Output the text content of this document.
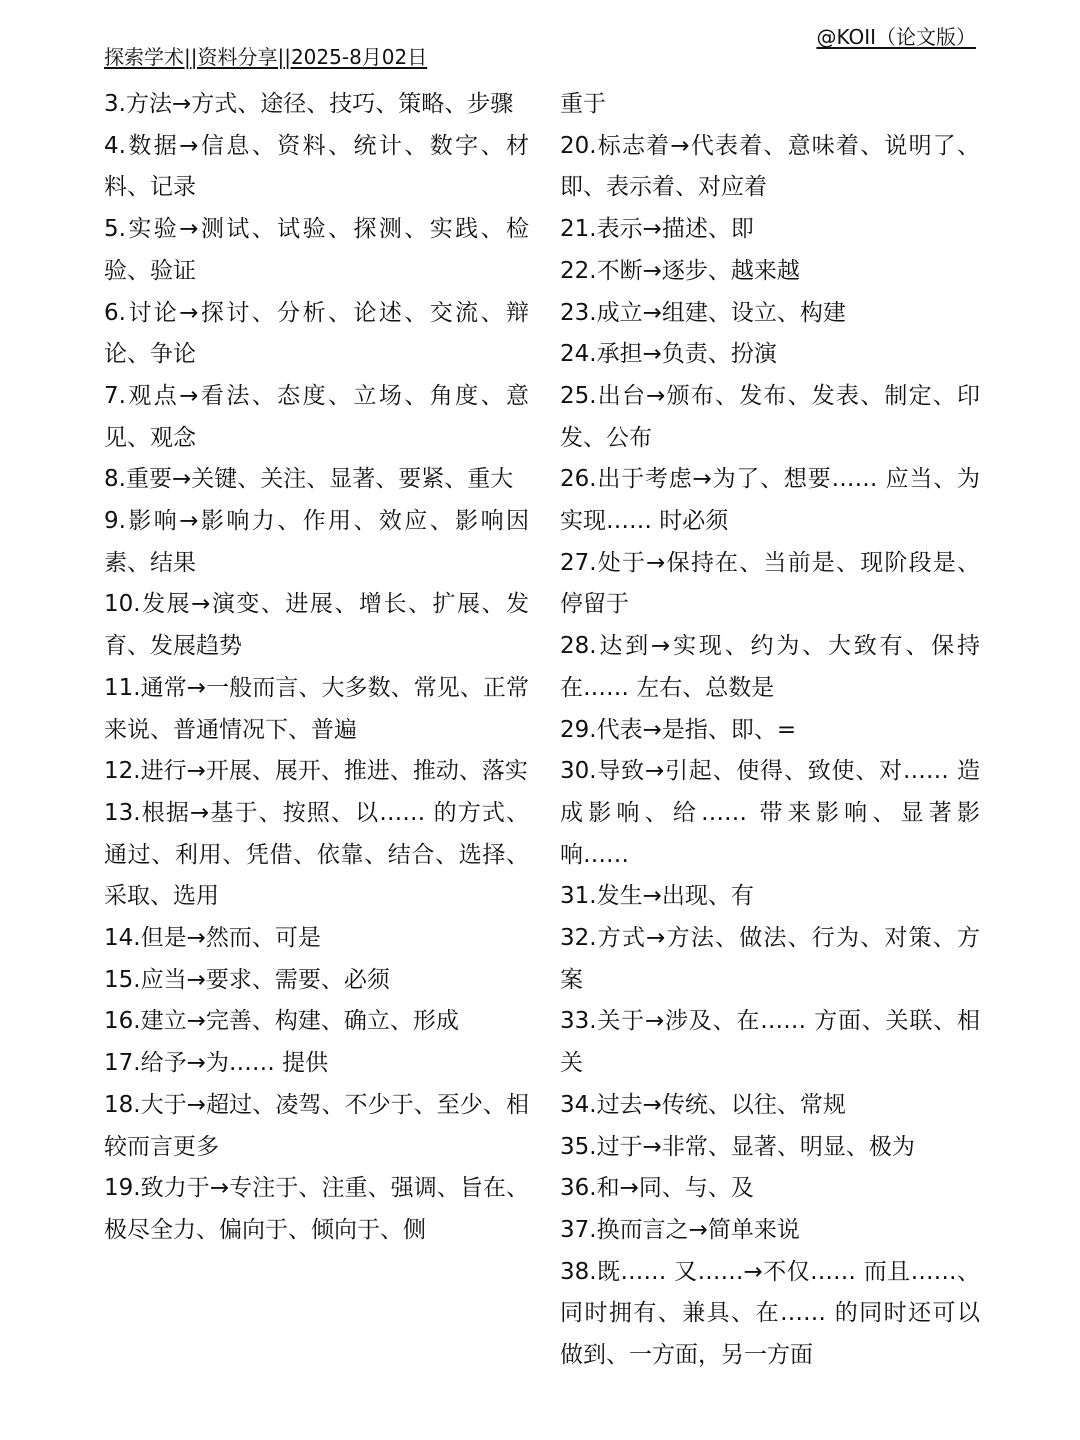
@KOII（论文版）
探索学术||资料分享||2025-8月02日

3.方法→方式、途径、技巧、策略、步骤

4.数据→信息、资料、统计、数字、材料、记录

5.实验→测试、试验、探测、实践、检验、验证

6.讨论→探讨、分析、论述、交流、辩论、争论

7.观点→看法、态度、立场、角度、意见、观念

8.重要→关键、关注、显著、要紧、重大

9.影响→影响力、作用、效应、影响因素、结果

10.发展→演变、进展、增长、扩展、发育、发展趋势

11.通常→一般而言、大多数、常见、正常来说、普通情况下、普遍

12.进行→开展、展开、推进、推动、落实

13.根据→基于、按照、以…… 的方式、通过、利用、凭借、依靠、结合、选择、采取、选用

14.但是→然而、可是

15.应当→要求、需要、必须

16.建立→完善、构建、确立、形成

17.给予→为…… 提供

18.大于→超过、凌驾、不少于、至少、相较而言更多

19.致力于→专注于、注重、强调、旨在、极尽全力、偏向于、倾向于、侧

重于

20.标志着→代表着、意味着、说明了、即、表示着、对应着

21.表示→描述、即

22.不断→逐步、越来越

23.成立→组建、设立、构建

24.承担→负责、扮演

25.出台→颁布、发布、发表、制定、印发、公布

26.出于考虑→为了、想要…… 应当、为实现…… 时必须

27.处于→保持在、当前是、现阶段是、停留于

28.达到→实现、约为、大致有、保持在…… 左右、总数是

29.代表→是指、即、=

30.导致→引起、使得、致使、对…… 造成影响、给…… 带来影响、显著影响……

31.发生→出现、有

32.方式→方法、做法、行为、对策、方案

33.关于→涉及、在…… 方面、关联、相关

34.过去→传统、以往、常规

35.过于→非常、显著、明显、极为

36.和→同、与、及

37.换而言之→简单来说

38.既…… 又……→不仅…… 而且……、同时拥有、兼具、在…… 的同时还可以做到、一方面，另一方面
